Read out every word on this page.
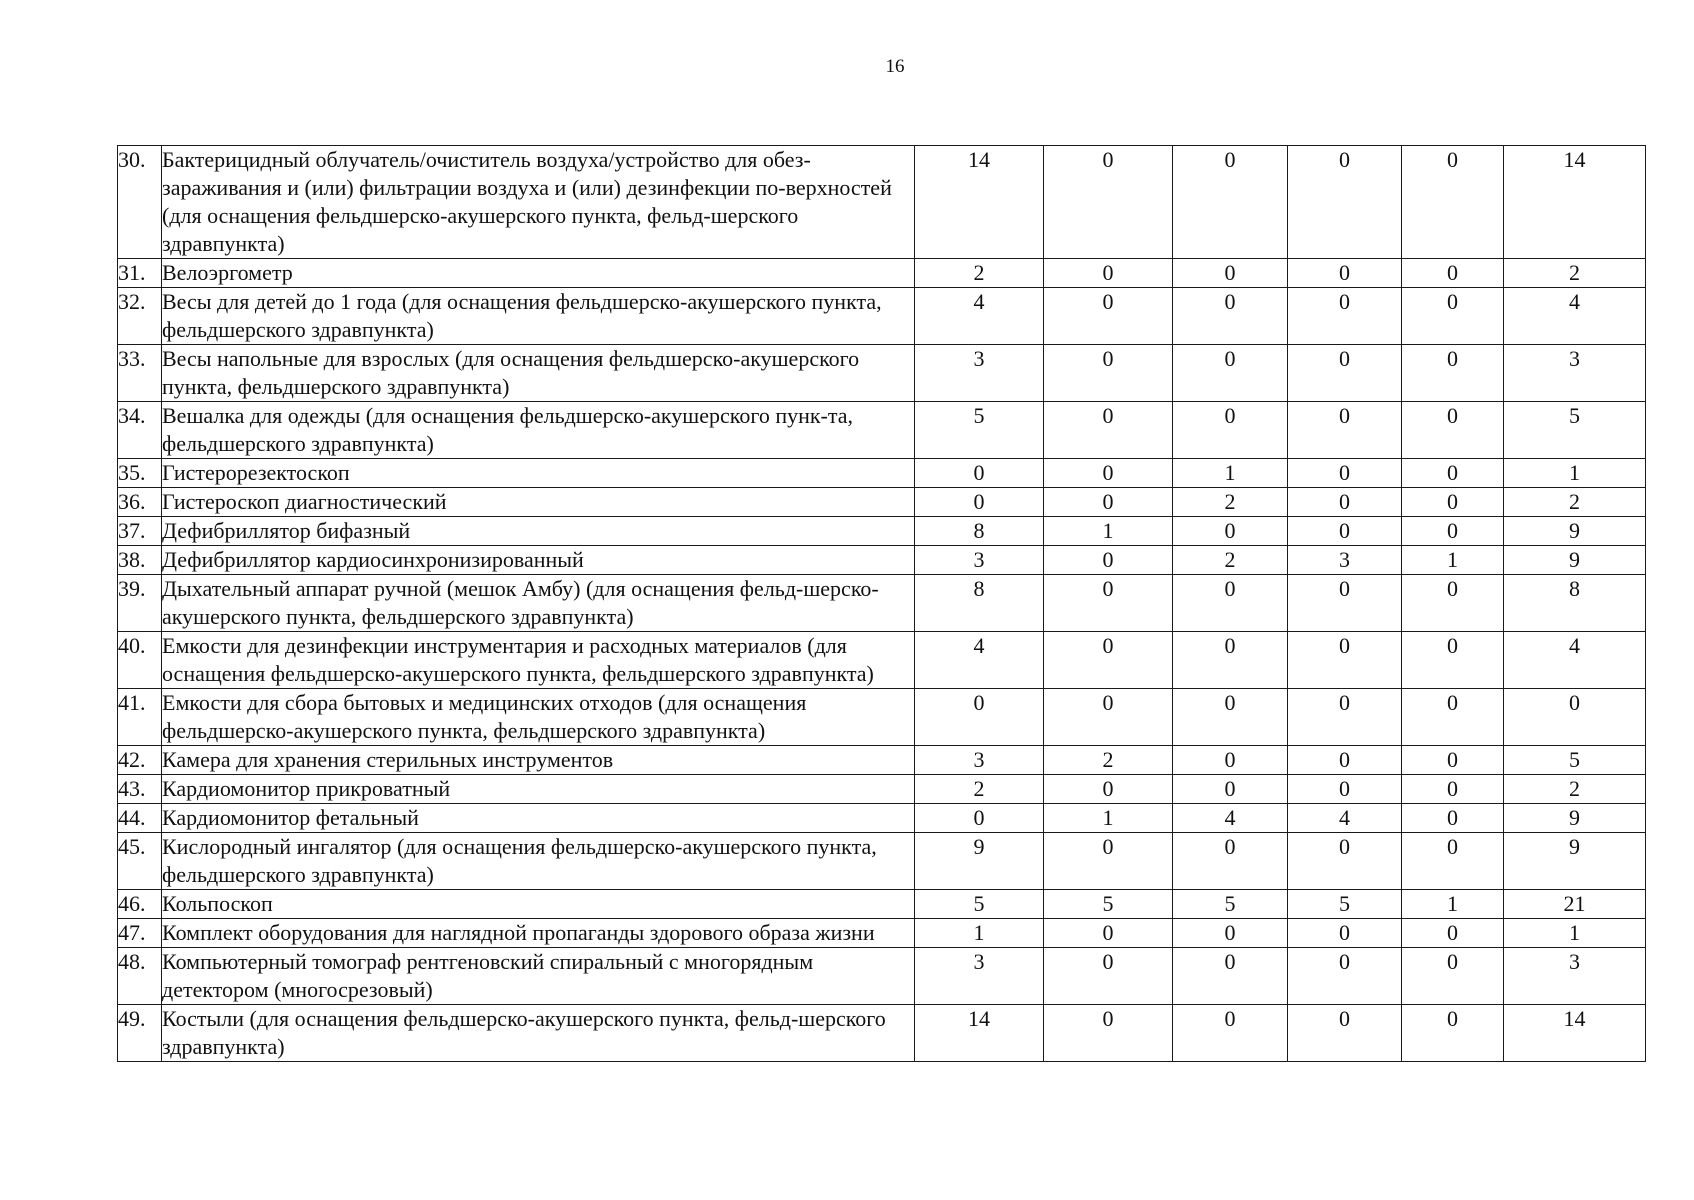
16
30.	Бактерицидный облучатель/очиститель воздуха/устройство для обез-зараживания и (или) фильтрации воздуха и (или) дезинфекции по-верхностей (для оснащения фельдшерско-акушерского пункта, фельд-шерского здравпункта)	14	0	0	0	0	14
31.	Велоэргометр	2	0	0	0	0	2
32.	Весы для детей до 1 года (для оснащения фельдшерско-акушерского пункта, фельдшерского здравпункта)	4	0	0	0	0	4
33.	Весы напольные для взрослых (для оснащения фельдшерско-акушерского пункта, фельдшерского здравпункта)	3	0	0	0	0	3
34.	Вешалка для одежды (для оснащения фельдшерско-акушерского пунк-та, фельдшерского здравпункта)	5	0	0	0	0	5
35.	Гистерорезектоскоп	0	0	1	0	0	1
36.	Гистероскоп диагностический	0	0	2	0	0	2
37.	Дефибриллятор бифазный	8	1	0	0	0	9
38.	Дефибриллятор кардиосинхронизированный	3	0	2	3	1	9
39.	Дыхательный аппарат ручной (мешок Амбу) (для оснащения фельд-шерско-акушерского пункта, фельдшерского здравпункта)	8	0	0	0	0	8
40.	Емкости для дезинфекции инструментария и расходных материалов (для оснащения фельдшерско-акушерского пункта, фельдшерского здравпункта)	4	0	0	0	0	4
41.	Емкости для сбора бытовых и медицинских отходов (для оснащения фельдшерско-акушерского пункта, фельдшерского здравпункта)	0	0	0	0	0	0
42.	Камера для хранения стерильных инструментов	3	2	0	0	0	5
43.	Кардиомонитор прикроватный	2	0	0	0	0	2
44.	Кардиомонитор фетальный	0	1	4	4	0	9
45.	Кислородный ингалятор (для оснащения фельдшерско-акушерского пункта, фельдшерского здравпункта)	9	0	0	0	0	9
46.	Кольпоскоп	5	5	5	5	1	21
47.	Комплект оборудования для наглядной пропаганды здорового образа жизни	1	0	0	0	0	1
48.	Компьютерный томограф рентгеновский спиральный с многорядным детектором (многосрезовый)	3	0	0	0	0	3
49.	Костыли (для оснащения фельдшерско-акушерского пункта, фельд-шерского здравпункта)	14	0	0	0	0	14
